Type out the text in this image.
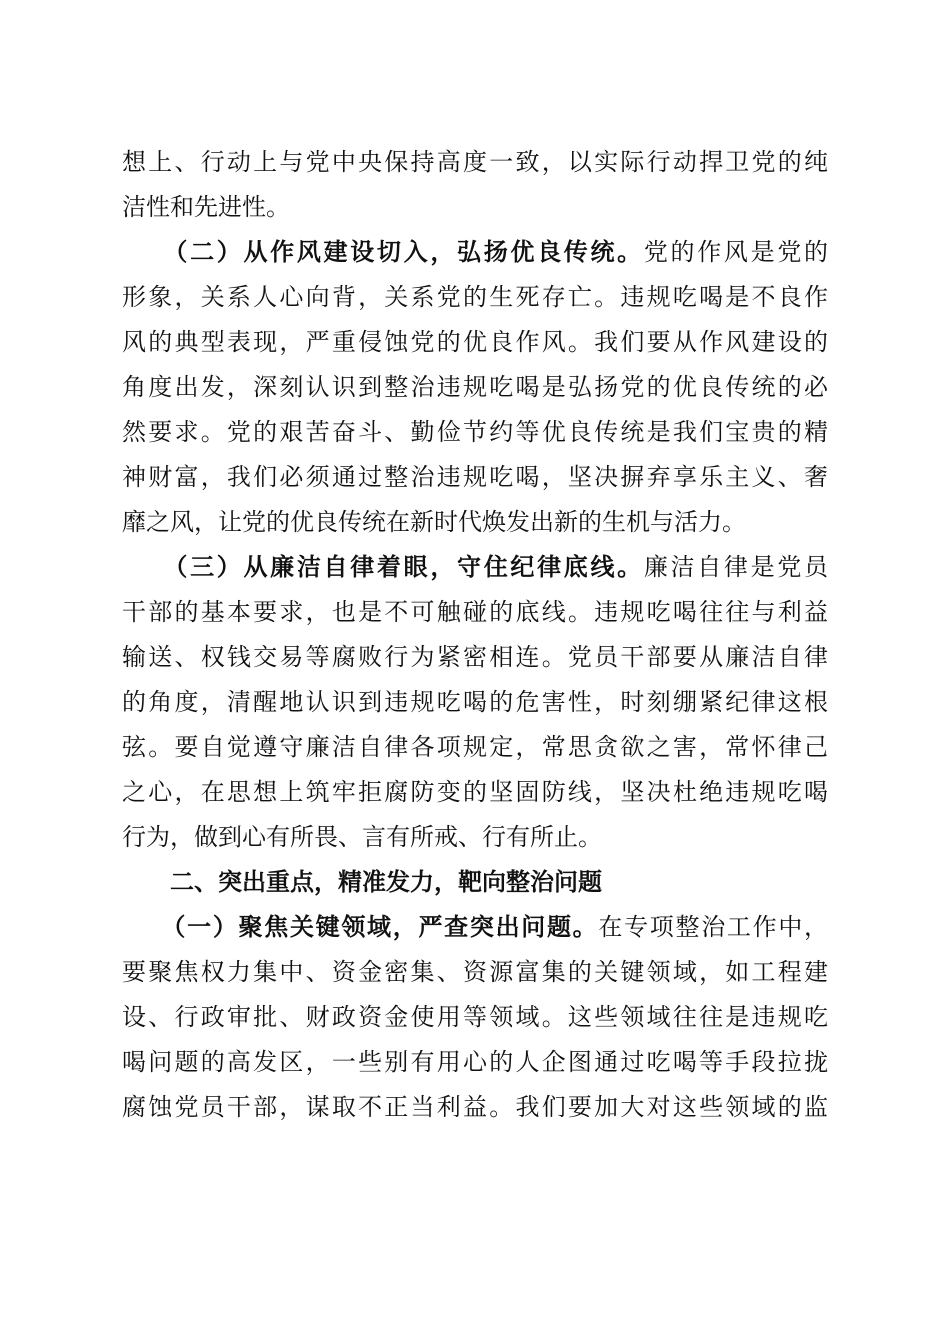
想上、行动上与党中央保持高度一致，以实际行动捍卫党的纯
洁性和先进性。
　　（二）从作风建设切入，弘扬优良传统。党的作风是党的
形象，关系人心向背，关系党的生死存亡。违规吃喝是不良作
风的典型表现，严重侵蚀党的优良作风。我们要从作风建设的
角度出发，深刻认识到整治违规吃喝是弘扬党的优良传统的必
然要求。党的艰苦奋斗、勤俭节约等优良传统是我们宝贵的精
神财富，我们必须通过整治违规吃喝，坚决摒弃享乐主义、奢
靡之风，让党的优良传统在新时代焕发出新的生机与活力。
　　（三）从廉洁自律着眼，守住纪律底线。廉洁自律是党员
干部的基本要求，也是不可触碰的底线。违规吃喝往往与利益
输送、权钱交易等腐败行为紧密相连。党员干部要从廉洁自律
的角度，清醒地认识到违规吃喝的危害性，时刻绷紧纪律这根
弦。要自觉遵守廉洁自律各项规定，常思贪欲之害，常怀律己
之心，在思想上筑牢拒腐防变的坚固防线，坚决杜绝违规吃喝
行为，做到心有所畏、言有所戒、行有所止。
二、突出重点，精准发力，靶向整治问题
　　（一）聚焦关键领域，严查突出问题。在专项整治工作中，
要聚焦权力集中、资金密集、资源富集的关键领域，如工程建
设、行政审批、财政资金使用等领域。这些领域往往是违规吃
喝问题的高发区，一些别有用心的人企图通过吃喝等手段拉拢
腐蚀党员干部，谋取不正当利益。我们要加大对这些领域的监
